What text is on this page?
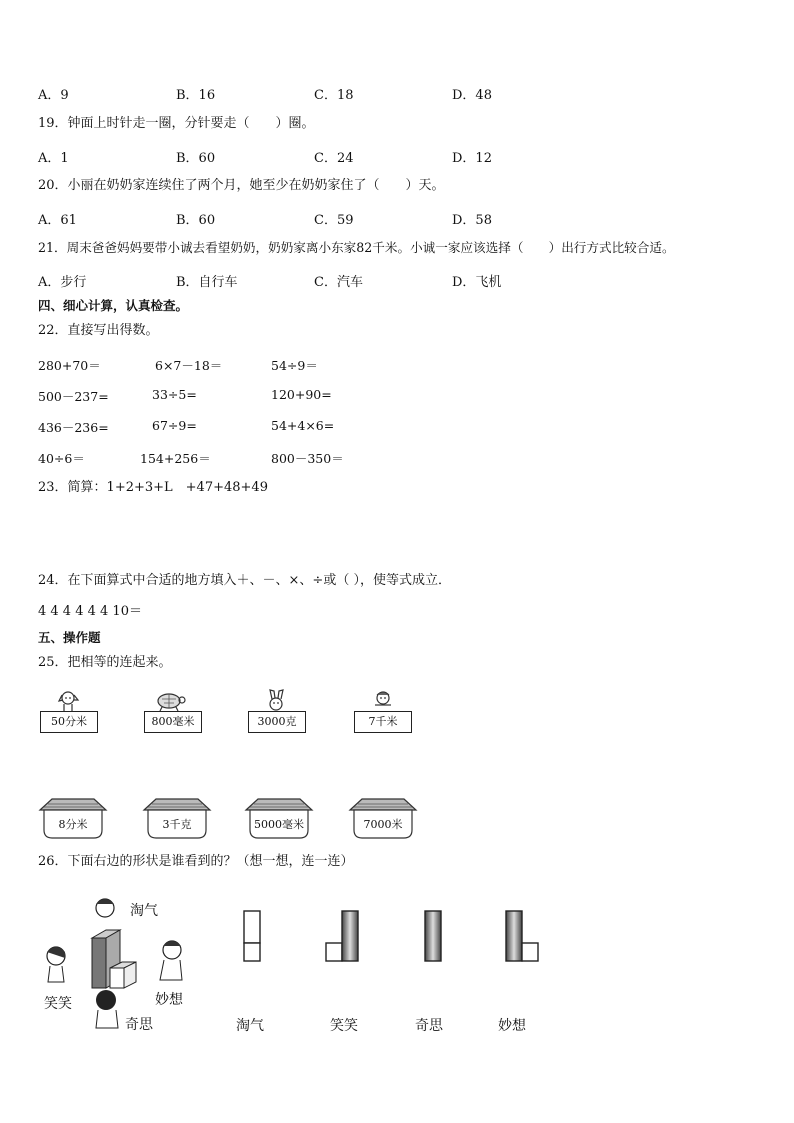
A．9	B．16	C．18	D．48
19．钟面上时针走一圈，分针要走（　　）圈。
A．1	B．60	C．24	D．12
20．小丽在奶奶家连续住了两个月，她至少在奶奶家住了（　　）天。
A．61	B．60	C．59	D．58
21．周末爸爸妈妈要带小诚去看望奶奶，奶奶家离小东家82千米。小诚一家应该选择（　　）出行方式比较合适。
A．步行	B．自行车	C．汽车	D．飞机
四、细心计算，认真检查。
22．直接写出得数。
280+70＝	6×7－18＝	54÷9＝
500－237=	33÷5=	120+90=
436－236=	67÷9=	54+4×6=
40÷6＝	154+256＝	800－350＝
23．简算：1+2+3+L　+47+48+49
24．在下面算式中合适的地方填入＋、－、×、÷或（ ），使等式成立．
4 4 4 4 4 4 10＝
五、操作题
25．把相等的连起来。
50分米	800毫米	3000克	7千米
8分米	3千克	5000毫米	7000米
26．下面右边的形状是谁看到的？（想一想，连一连）
淘气
笑笑	妙想
奇思	淘气	笑笑	奇思	妙想
